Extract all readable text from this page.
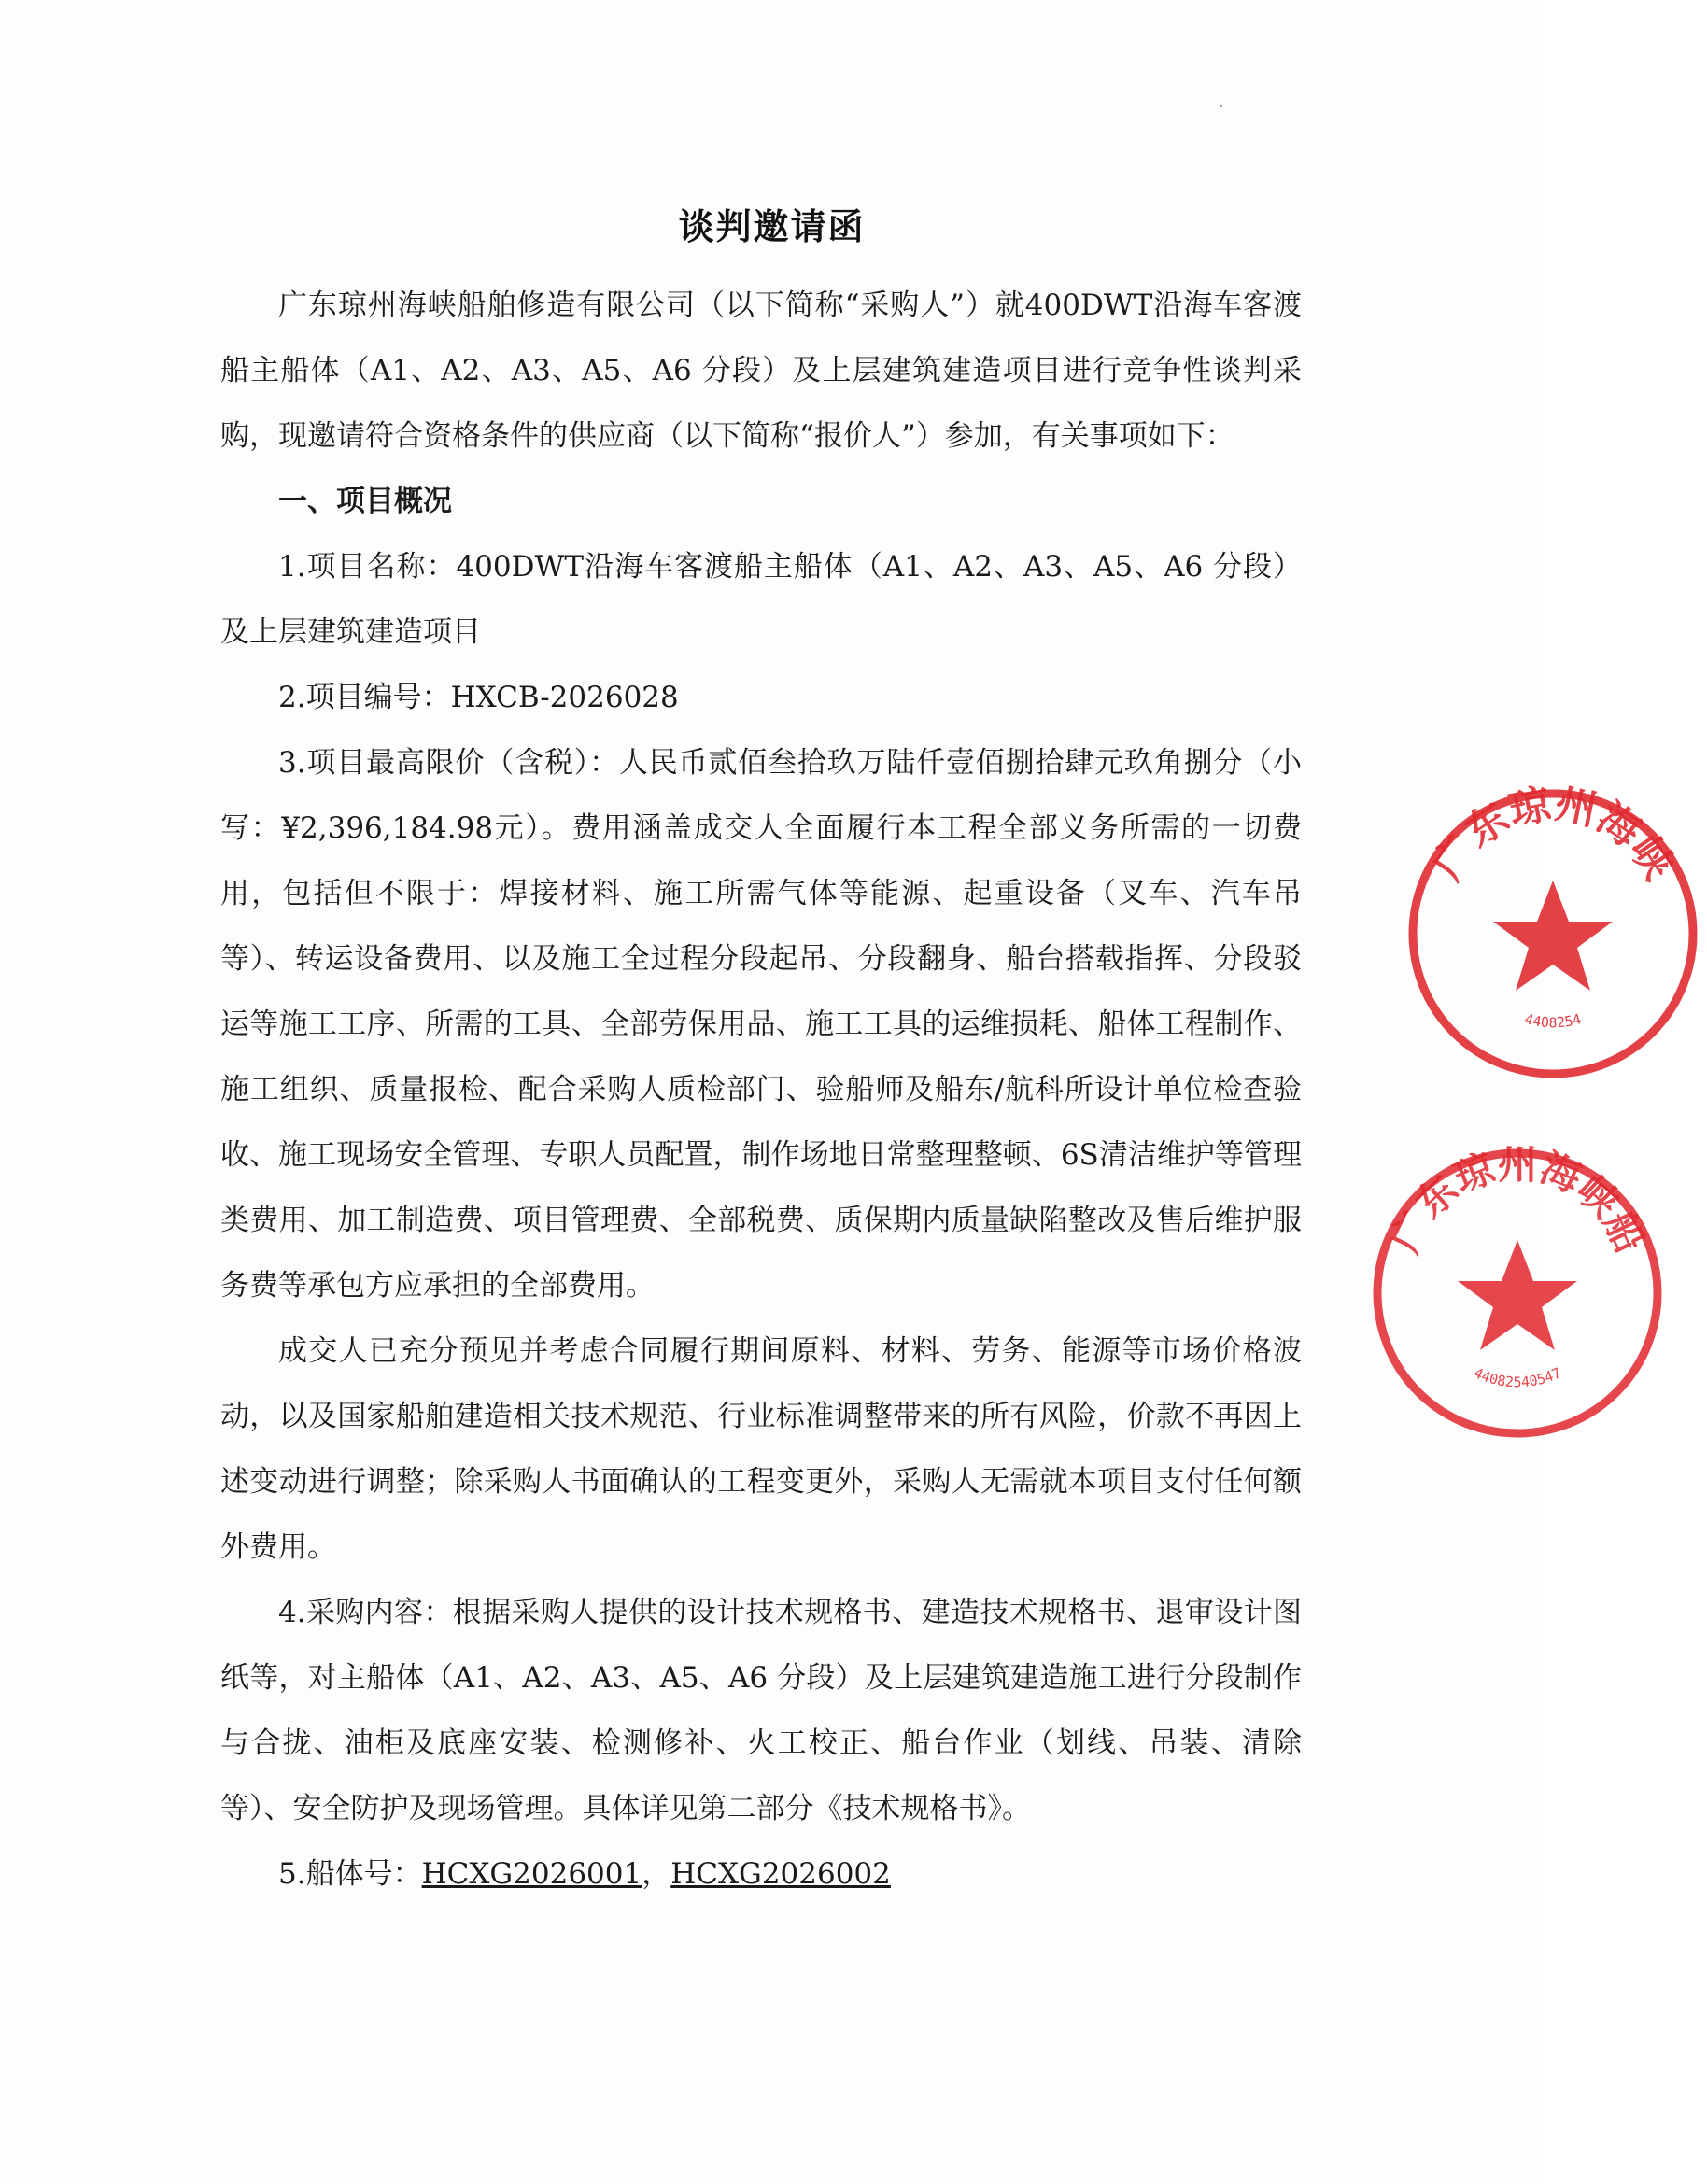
谈判邀请函

广东琼州海峡船舶修造有限公司（以下简称“采购人”）就400DWT沿海车客渡船主船体（A1、A2、A3、A5、A6 分段）及上层建筑建造项目进行竞争性谈判采购，现邀请符合资格条件的供应商（以下简称“报价人”）参加，有关事项如下：

一、项目概况

1.项目名称：400DWT沿海车客渡船主船体（A1、A2、A3、A5、A6 分段）及上层建筑建造项目

2.项目编号：HXCB-2026028

3.项目最高限价（含税）：人民币贰佰叁拾玖万陆仟壹佰捌拾肆元玖角捌分（小写：¥2,396,184.98元）。费用涵盖成交人全面履行本工程全部义务所需的一切费用，包括但不限于：焊接材料、施工所需气体等能源、起重设备（叉车、汽车吊等）、转运设备费用、以及施工全过程分段起吊、分段翻身、船台搭载指挥、分段驳运等施工工序、所需的工具、全部劳保用品、施工工具的运维损耗、船体工程制作、施工组织、质量报检、配合采购人质检部门、验船师及船东/航科所设计单位检查验收、施工现场安全管理、专职人员配置，制作场地日常整理整顿、6S清洁维护等管理类费用、加工制造费、项目管理费、全部税费、质保期内质量缺陷整改及售后维护服务费等承包方应承担的全部费用。

成交人已充分预见并考虑合同履行期间原料、材料、劳务、能源等市场价格波动，以及国家船舶建造相关技术规范、行业标准调整带来的所有风险，价款不再因上述变动进行调整；除采购人书面确认的工程变更外，采购人无需就本项目支付任何额外费用。

4.采购内容：根据采购人提供的设计技术规格书、建造技术规格书、退审设计图纸等，对主船体（A1、A2、A3、A5、A6 分段）及上层建筑建造施工进行分段制作与合拢、油柜及底座安装、检测修补、火工校正、船台作业（划线、吊装、清除等）、安全防护及现场管理。具体详见第二部分《技术规格书》。

5.船体号：HCXG2026001，HCXG2026002

广东琼州海峡
4408254
广东琼州海峡船
44082540547
